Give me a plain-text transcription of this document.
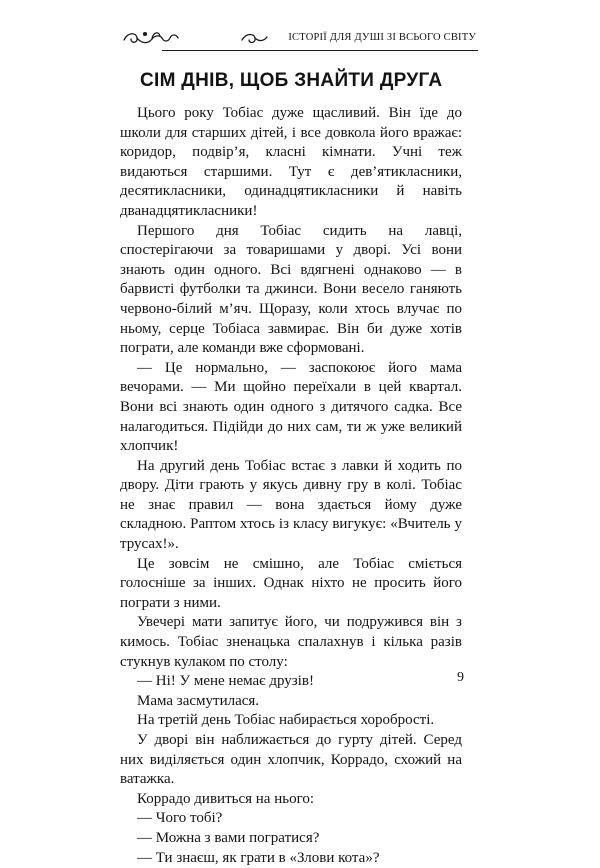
ІСТОРІЇ ДЛЯ ДУШІ ЗІ ВСЬОГО СВІТУ
СІМ ДНІВ, ЩОБ ЗНАЙТИ ДРУГА

Цього року Тобіас дуже щасливий. Він їде до школи для старших дітей, і все довкола його вражає: коридор, подвір’я, класні кімнати. Учні теж видаються старшими. Тут є дев’ятикласники, десятикласники, одинадцятикласники й навіть дванадцятикласники!

Першого дня Тобіас сидить на лавці, спостерігаючи за товаришами у дворі. Усі вони знають один одного. Всі вдягнені однаково — в барвисті футболки та джинси. Вони весело ганяють червоно-білий м’яч. Щоразу, коли хтось влучає по ньому, серце Тобіаса завмирає. Він би дуже хотів пограти, але команди вже сформовані.

— Це нормально, — заспокоює його мама вечорами. — Ми щойно переїхали в цей квартал. Вони всі знають один одного з дитячого садка. Все налагодиться. Підійди до них сам, ти ж уже великий хлопчик!

На другий день Тобіас встає з лавки й ходить по двору. Діти грають у якусь дивну гру в колі. Тобіас не знає правил — вона здається йому дуже складною. Раптом хтось із класу вигукує: «Вчитель у трусах!».

Це зовсім не смішно, але Тобіас сміється голосніше за інших. Однак ніхто не просить його пограти з ними.

Увечері мати запитує його, чи подружився він з кимось. Тобіас зненацька спалахнув і кілька разів стукнув кулаком по столу:

— Ні! У мене немає друзів!

Мама засмутилася.

На третій день Тобіас набирається хоробрості.

У дворі він наближається до гурту дітей. Серед них виділяється один хлопчик, Коррадо, схожий на ватажка.

Коррадо дивиться на нього:

— Чого тобі?

— Можна з вами погратися?

— Ти знаєш, як грати в «Злови кота»?

9
